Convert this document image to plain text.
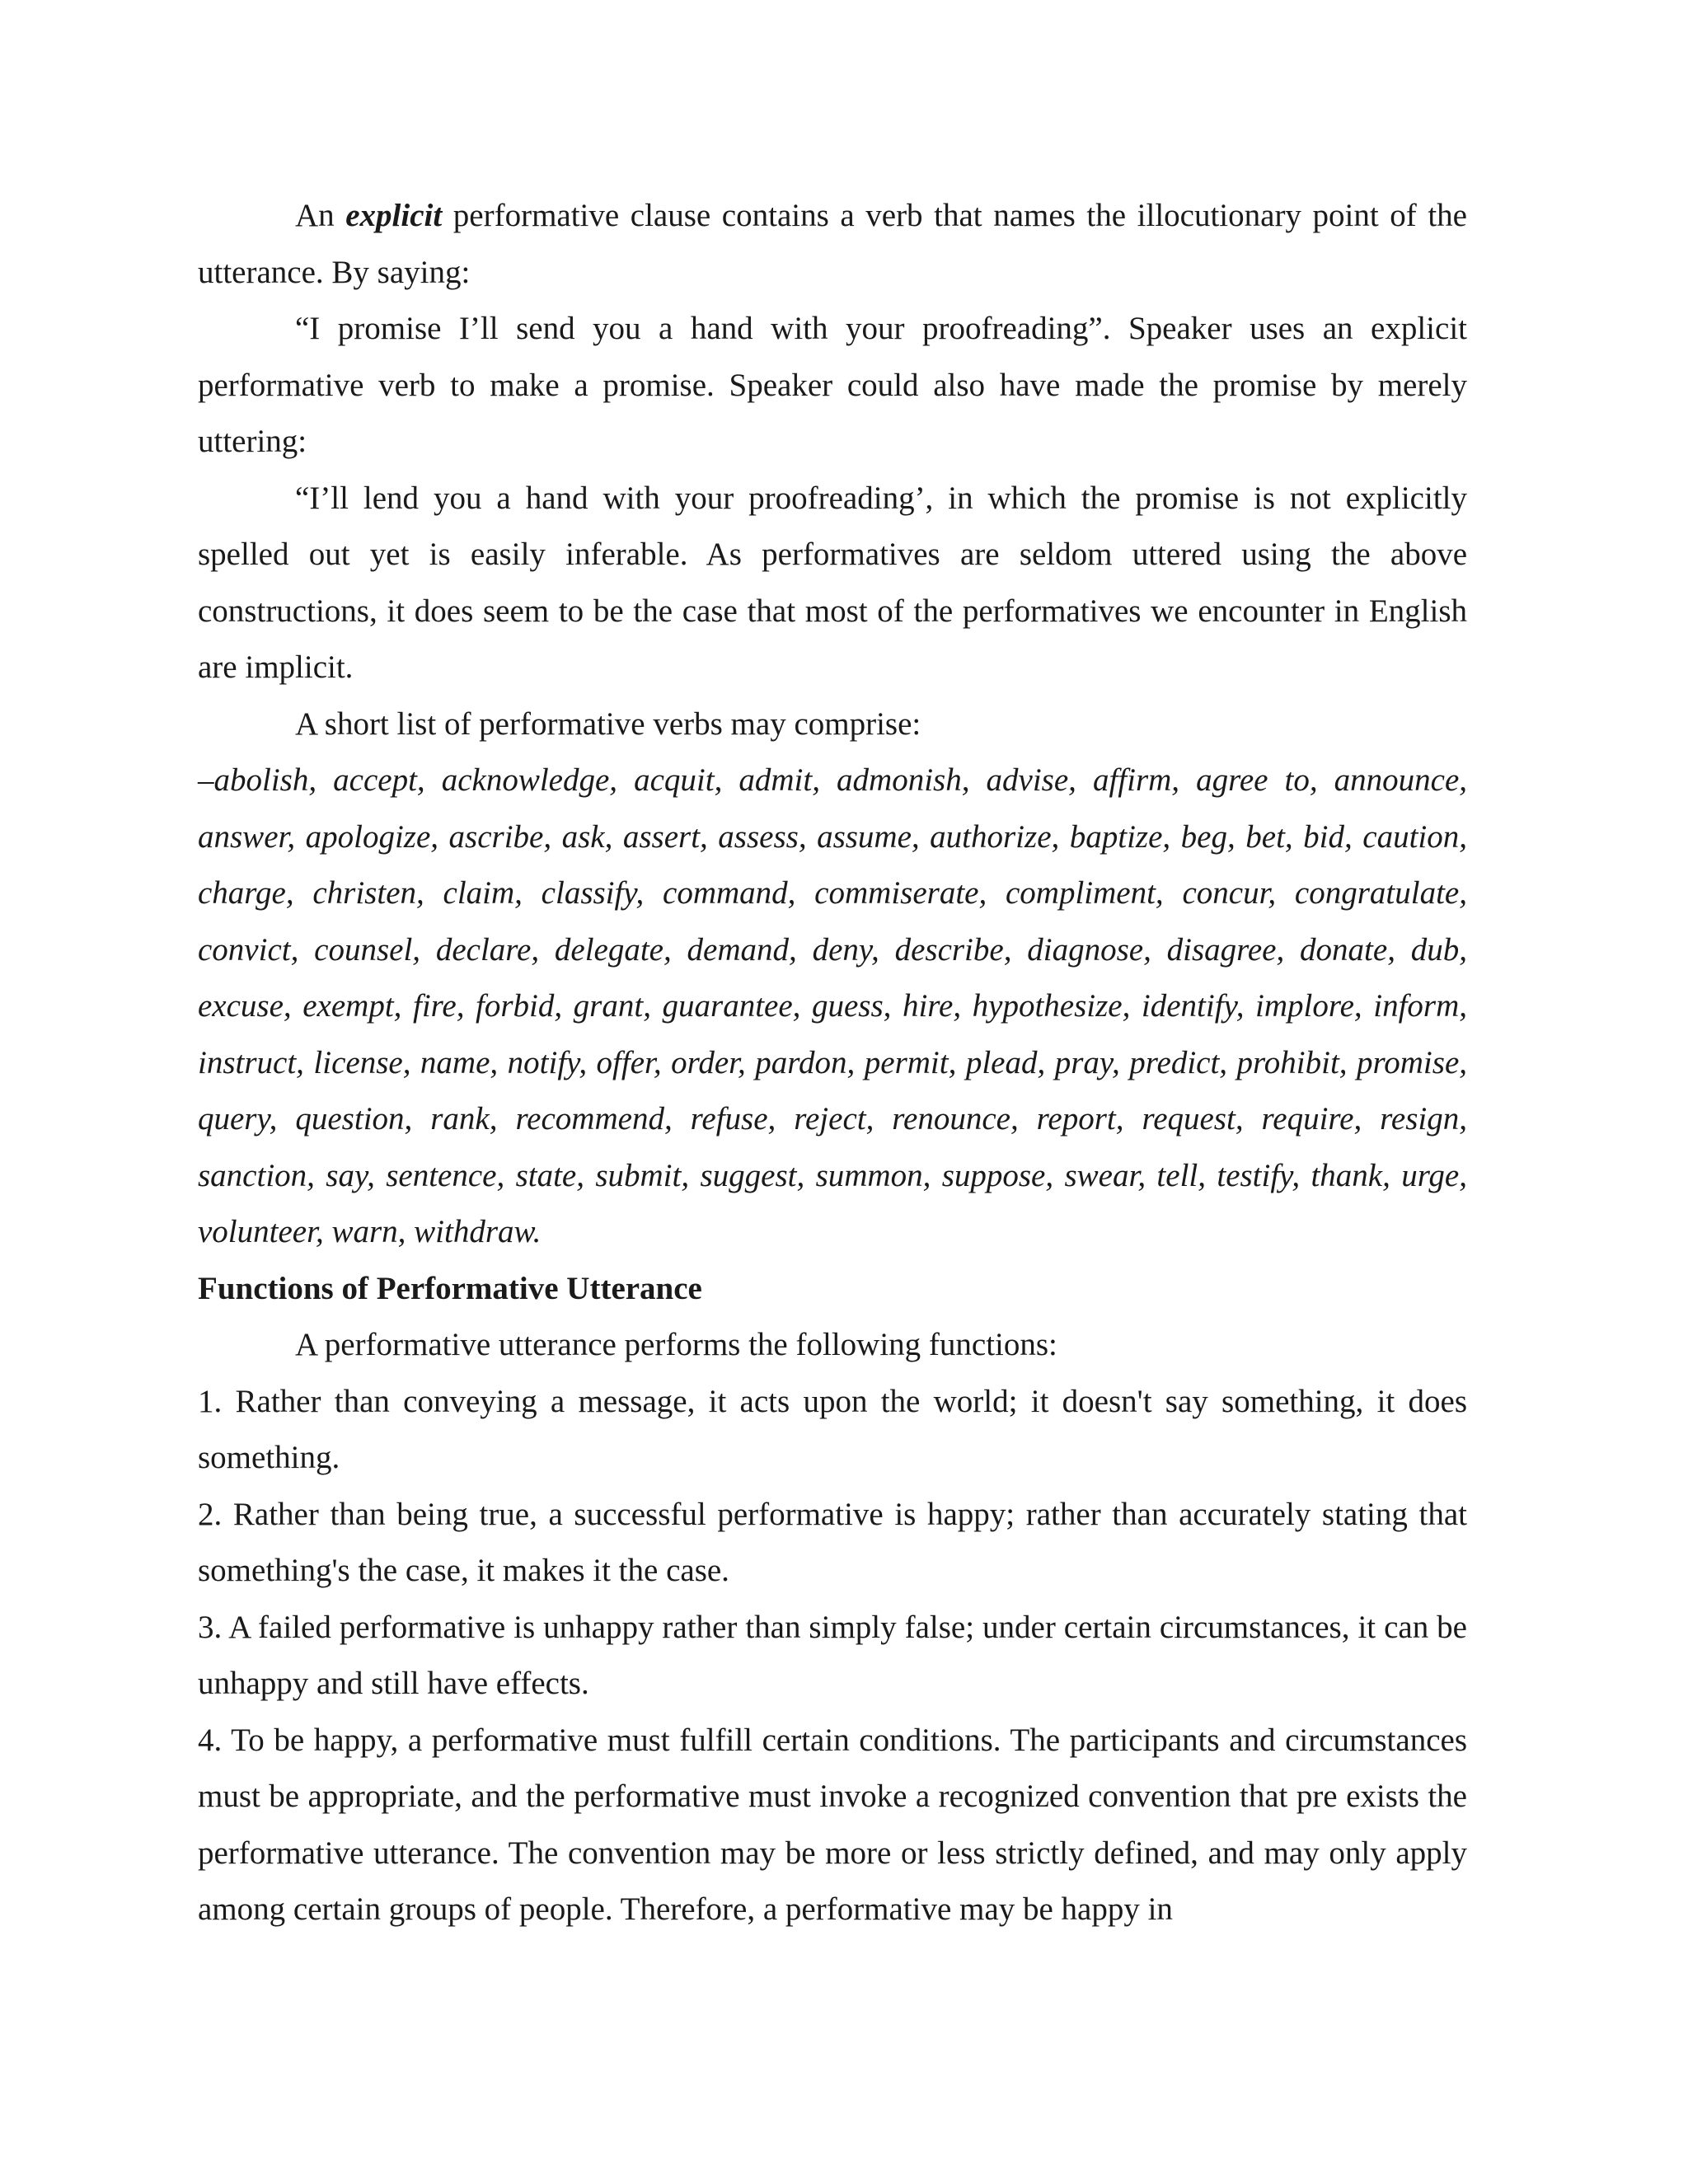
An explicit performative clause contains a verb that names the illocutionary point of the utterance. By saying:

“I promise I’ll send you a hand with your proofreading”. Speaker uses an explicit performative verb to make a promise. Speaker could also have made the promise by merely uttering:

“I’ll lend you a hand with your proofreading’, in which the promise is not explicitly spelled out yet is easily inferable. As performatives are seldom uttered using the above constructions, it does seem to be the case that most of the performatives we encounter in English are implicit.

A short list of performative verbs may comprise:

–abolish, accept, acknowledge, acquit, admit, admonish, advise, affirm, agree to, announce, answer, apologize, ascribe, ask, assert, assess, assume, authorize, baptize, beg, bet, bid, caution, charge, christen, claim, classify, command, commiserate, compliment, concur, congratulate, convict, counsel, declare, delegate, demand, deny, describe, diagnose, disagree, donate, dub, excuse, exempt, fire, forbid, grant, guarantee, guess, hire, hypothesize, identify, implore, inform, instruct, license, name, notify, offer, order, pardon, permit, plead, pray, predict, prohibit, promise, query, question, rank, recommend, refuse, reject, renounce, report, request, require, resign, sanction, say, sentence, state, submit, suggest, summon, suppose, swear, tell, testify, thank, urge, volunteer, warn, withdraw.

Functions of Performative Utterance

A performative utterance performs the following functions:

1. Rather than conveying a message, it acts upon the world; it doesn't say something, it does something.

2. Rather than being true, a successful performative is happy; rather than accurately stating that something's the case, it makes it the case.

3. A failed performative is unhappy rather than simply false; under certain circumstances, it can be unhappy and still have effects.

4. To be happy, a performative must fulfill certain conditions. The participants and circumstances must be appropriate, and the performative must invoke a recognized convention that pre exists the performative utterance. The convention may be more or less strictly defined, and may only apply among certain groups of people. Therefore, a performative may be happy in
